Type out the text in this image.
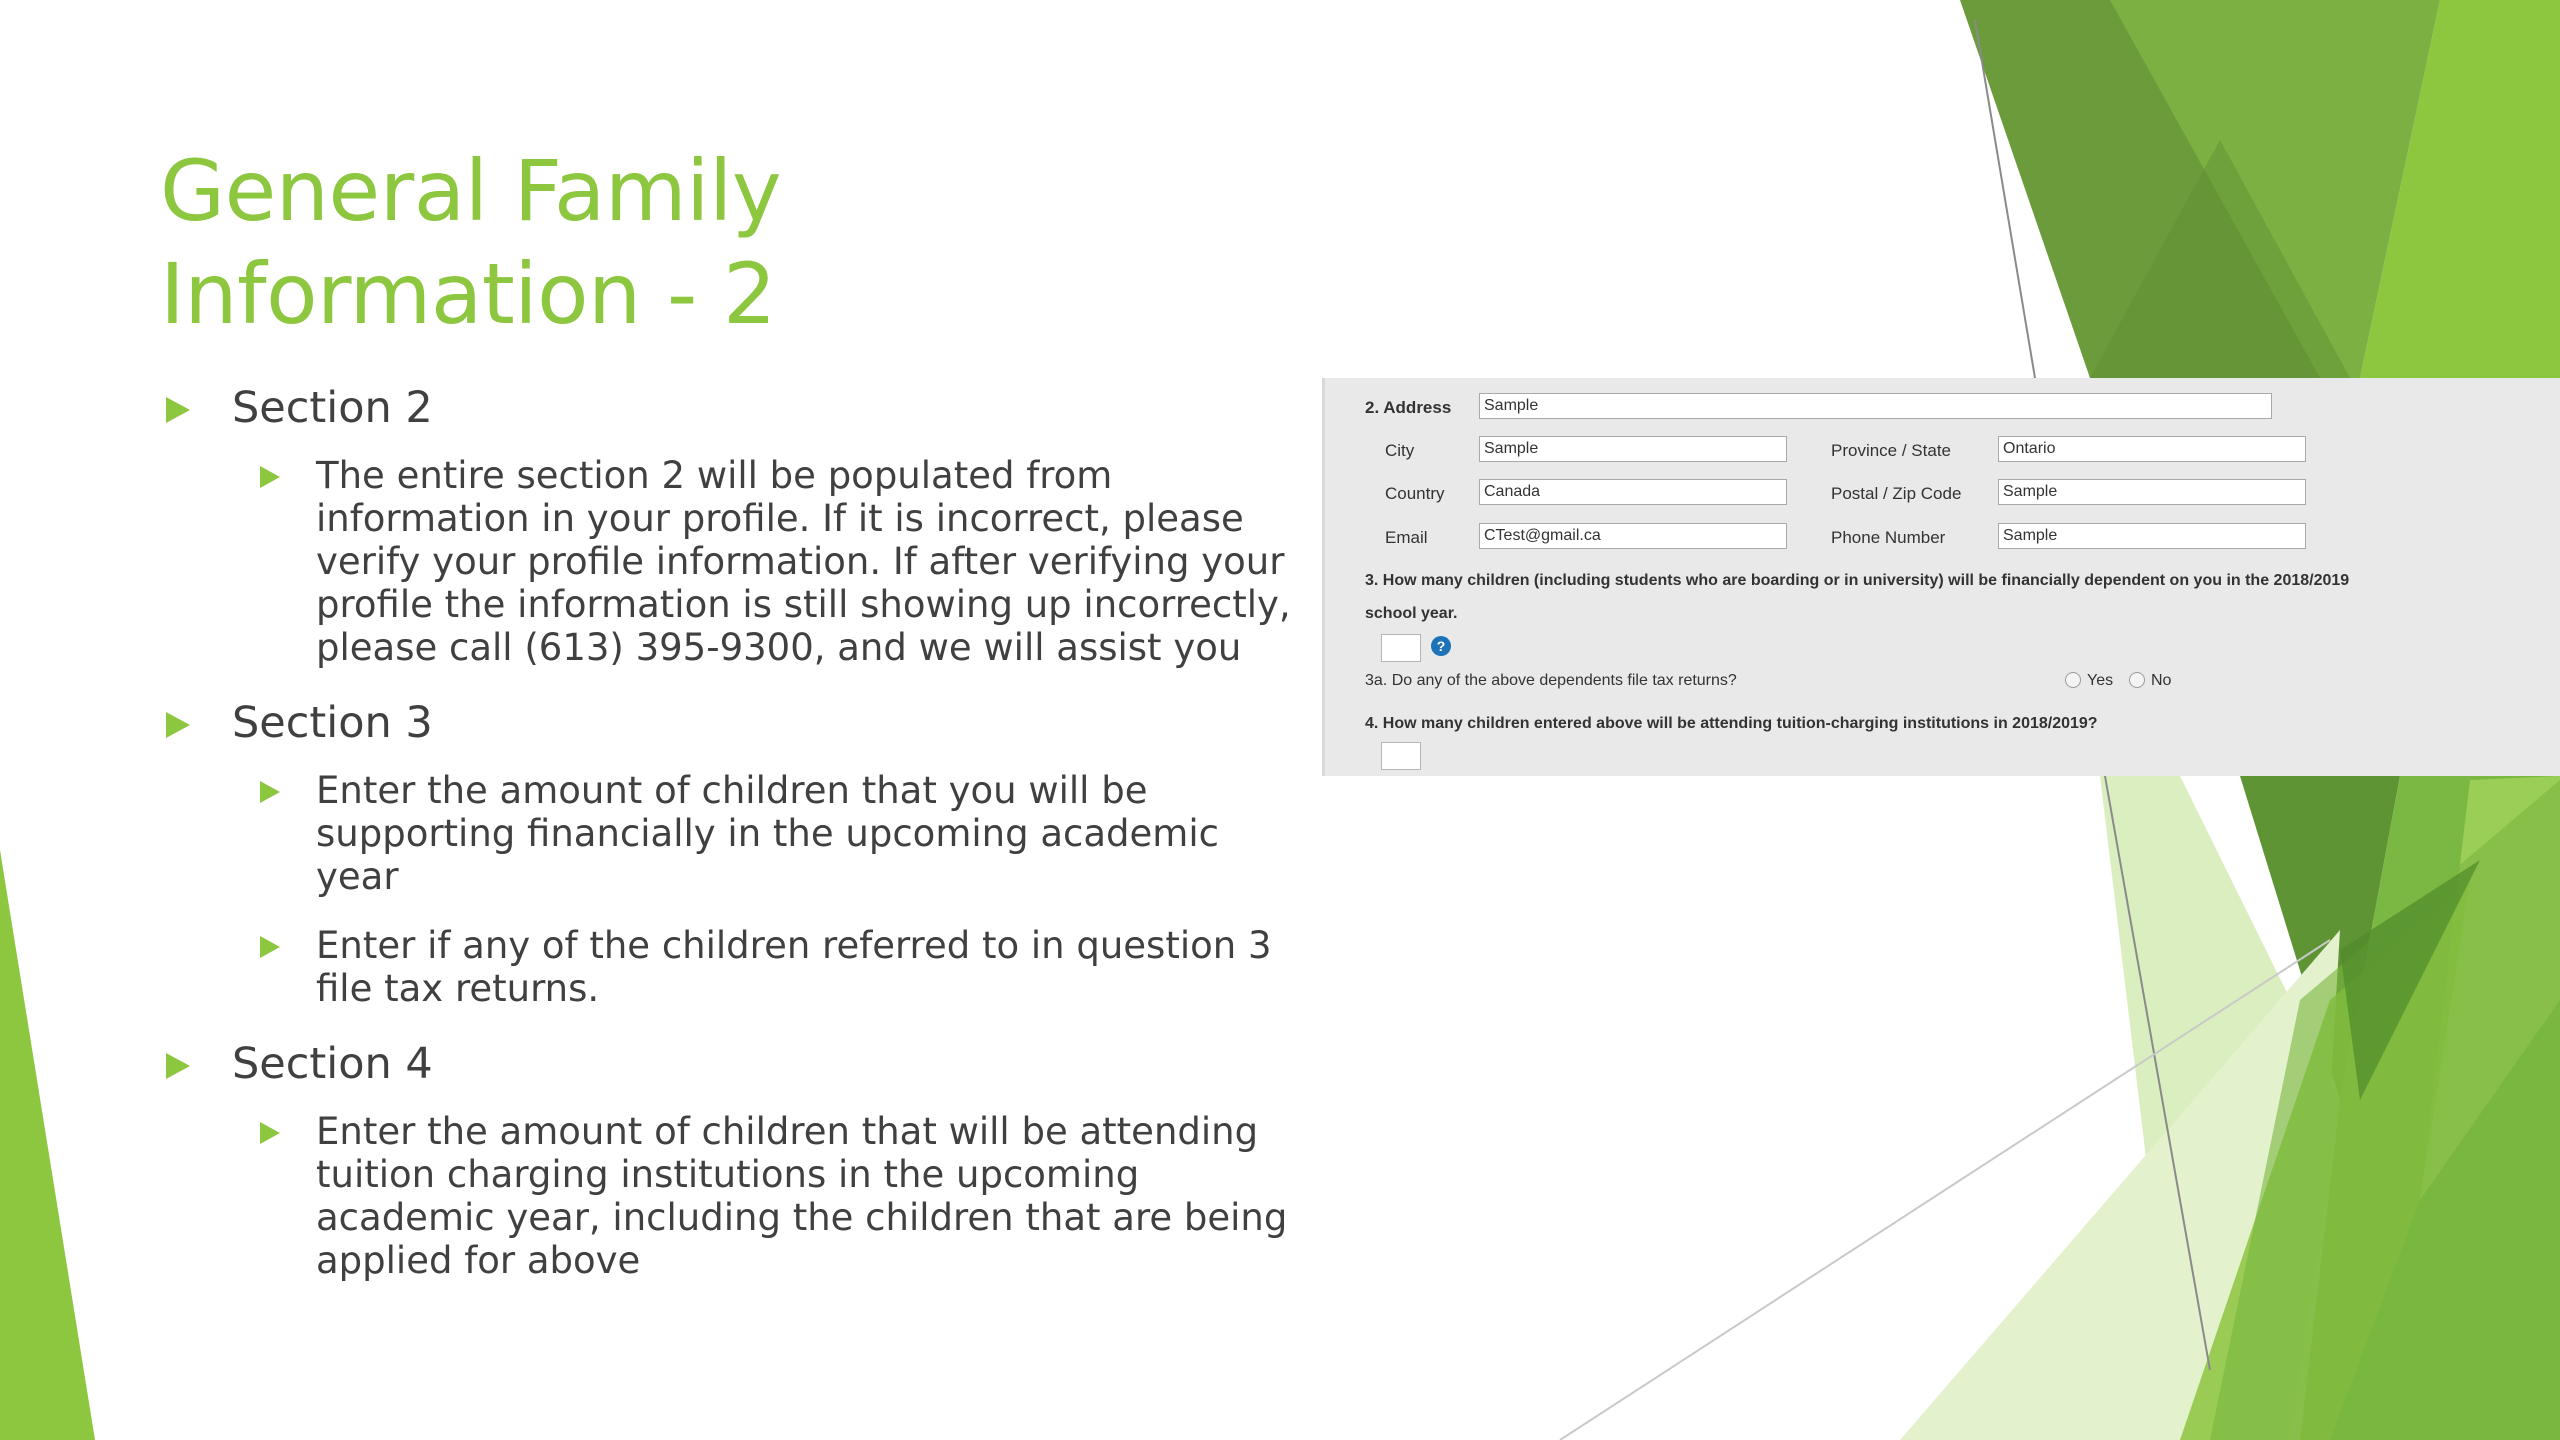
General Family
Information - 2
Section 2
The entire section 2 will be populated from information in your profile. If it is incorrect, please verify your profile information. If after verifying your profile the information is still showing up incorrectly, please call (613) 395-9300, and we will assist you
Section 3
Enter the amount of children that you will be supporting financially in the upcoming academic year
Enter if any of the children referred to in question 3 file tax returns.
Section 4
Enter the amount of children that will be attending tuition charging institutions in the upcoming academic year, including the children that are being applied for above
2. Address	Sample
City	Sample	Province / State	Ontario
Country	Canada	Postal / Zip Code	Sample
Email	CTest@gmail.ca	Phone Number	Sample
3. How many children (including students who are boarding or in university) will be financially dependent on you in the 2018/2019
school year.
?
3a. Do any of the above dependents file tax returns?	Yes No
4. How many children entered above will be attending tuition-charging institutions in 2018/2019?
